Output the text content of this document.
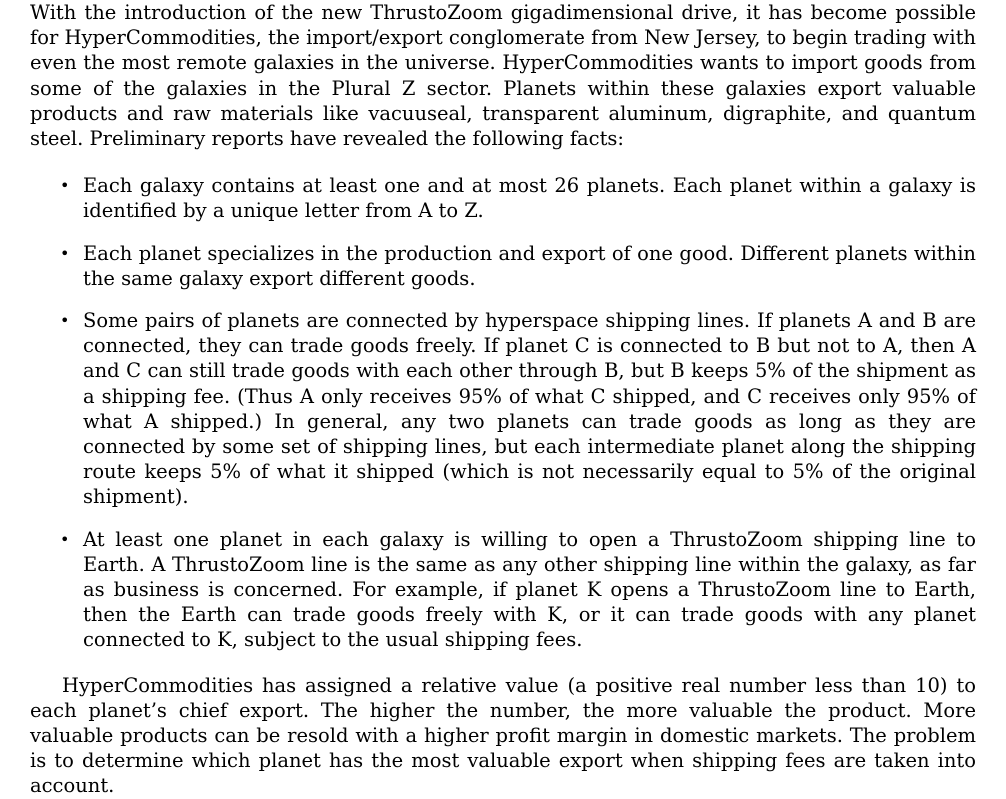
With the introduction of the new ThrustoZoom gigadimensional drive, it has become possible for HyperCommodities, the import/export conglomerate from New Jersey, to begin trading with even the most remote galaxies in the universe. HyperCommodities wants to import goods from some of the galaxies in the Plural Z sector. Planets within these galaxies export valuable products and raw materials like vacuuseal, transparent aluminum, digraphite, and quantum steel. Preliminary reports have revealed the following facts:

• Each galaxy contains at least one and at most 26 planets. Each planet within a galaxy is identified by a unique letter from A to Z.

• Each planet specializes in the production and export of one good. Different planets within the same galaxy export different goods.

• Some pairs of planets are connected by hyperspace shipping lines. If planets A and B are connected, they can trade goods freely. If planet C is connected to B but not to A, then A and C can still trade goods with each other through B, but B keeps 5% of the shipment as a shipping fee. (Thus A only receives 95% of what C shipped, and C receives only 95% of what A shipped.) In general, any two planets can trade goods as long as they are connected by some set of shipping lines, but each intermediate planet along the shipping route keeps 5% of what it shipped (which is not necessarily equal to 5% of the original shipment).

• At least one planet in each galaxy is willing to open a ThrustoZoom shipping line to Earth. A ThrustoZoom line is the same as any other shipping line within the galaxy, as far as business is concerned. For example, if planet K opens a ThrustoZoom line to Earth, then the Earth can trade goods freely with K, or it can trade goods with any planet connected to K, subject to the usual shipping fees.

HyperCommodities has assigned a relative value (a positive real number less than 10) to each planet’s chief export. The higher the number, the more valuable the product. More valuable products can be resold with a higher profit margin in domestic markets. The problem is to determine which planet has the most valuable export when shipping fees are taken into account.
